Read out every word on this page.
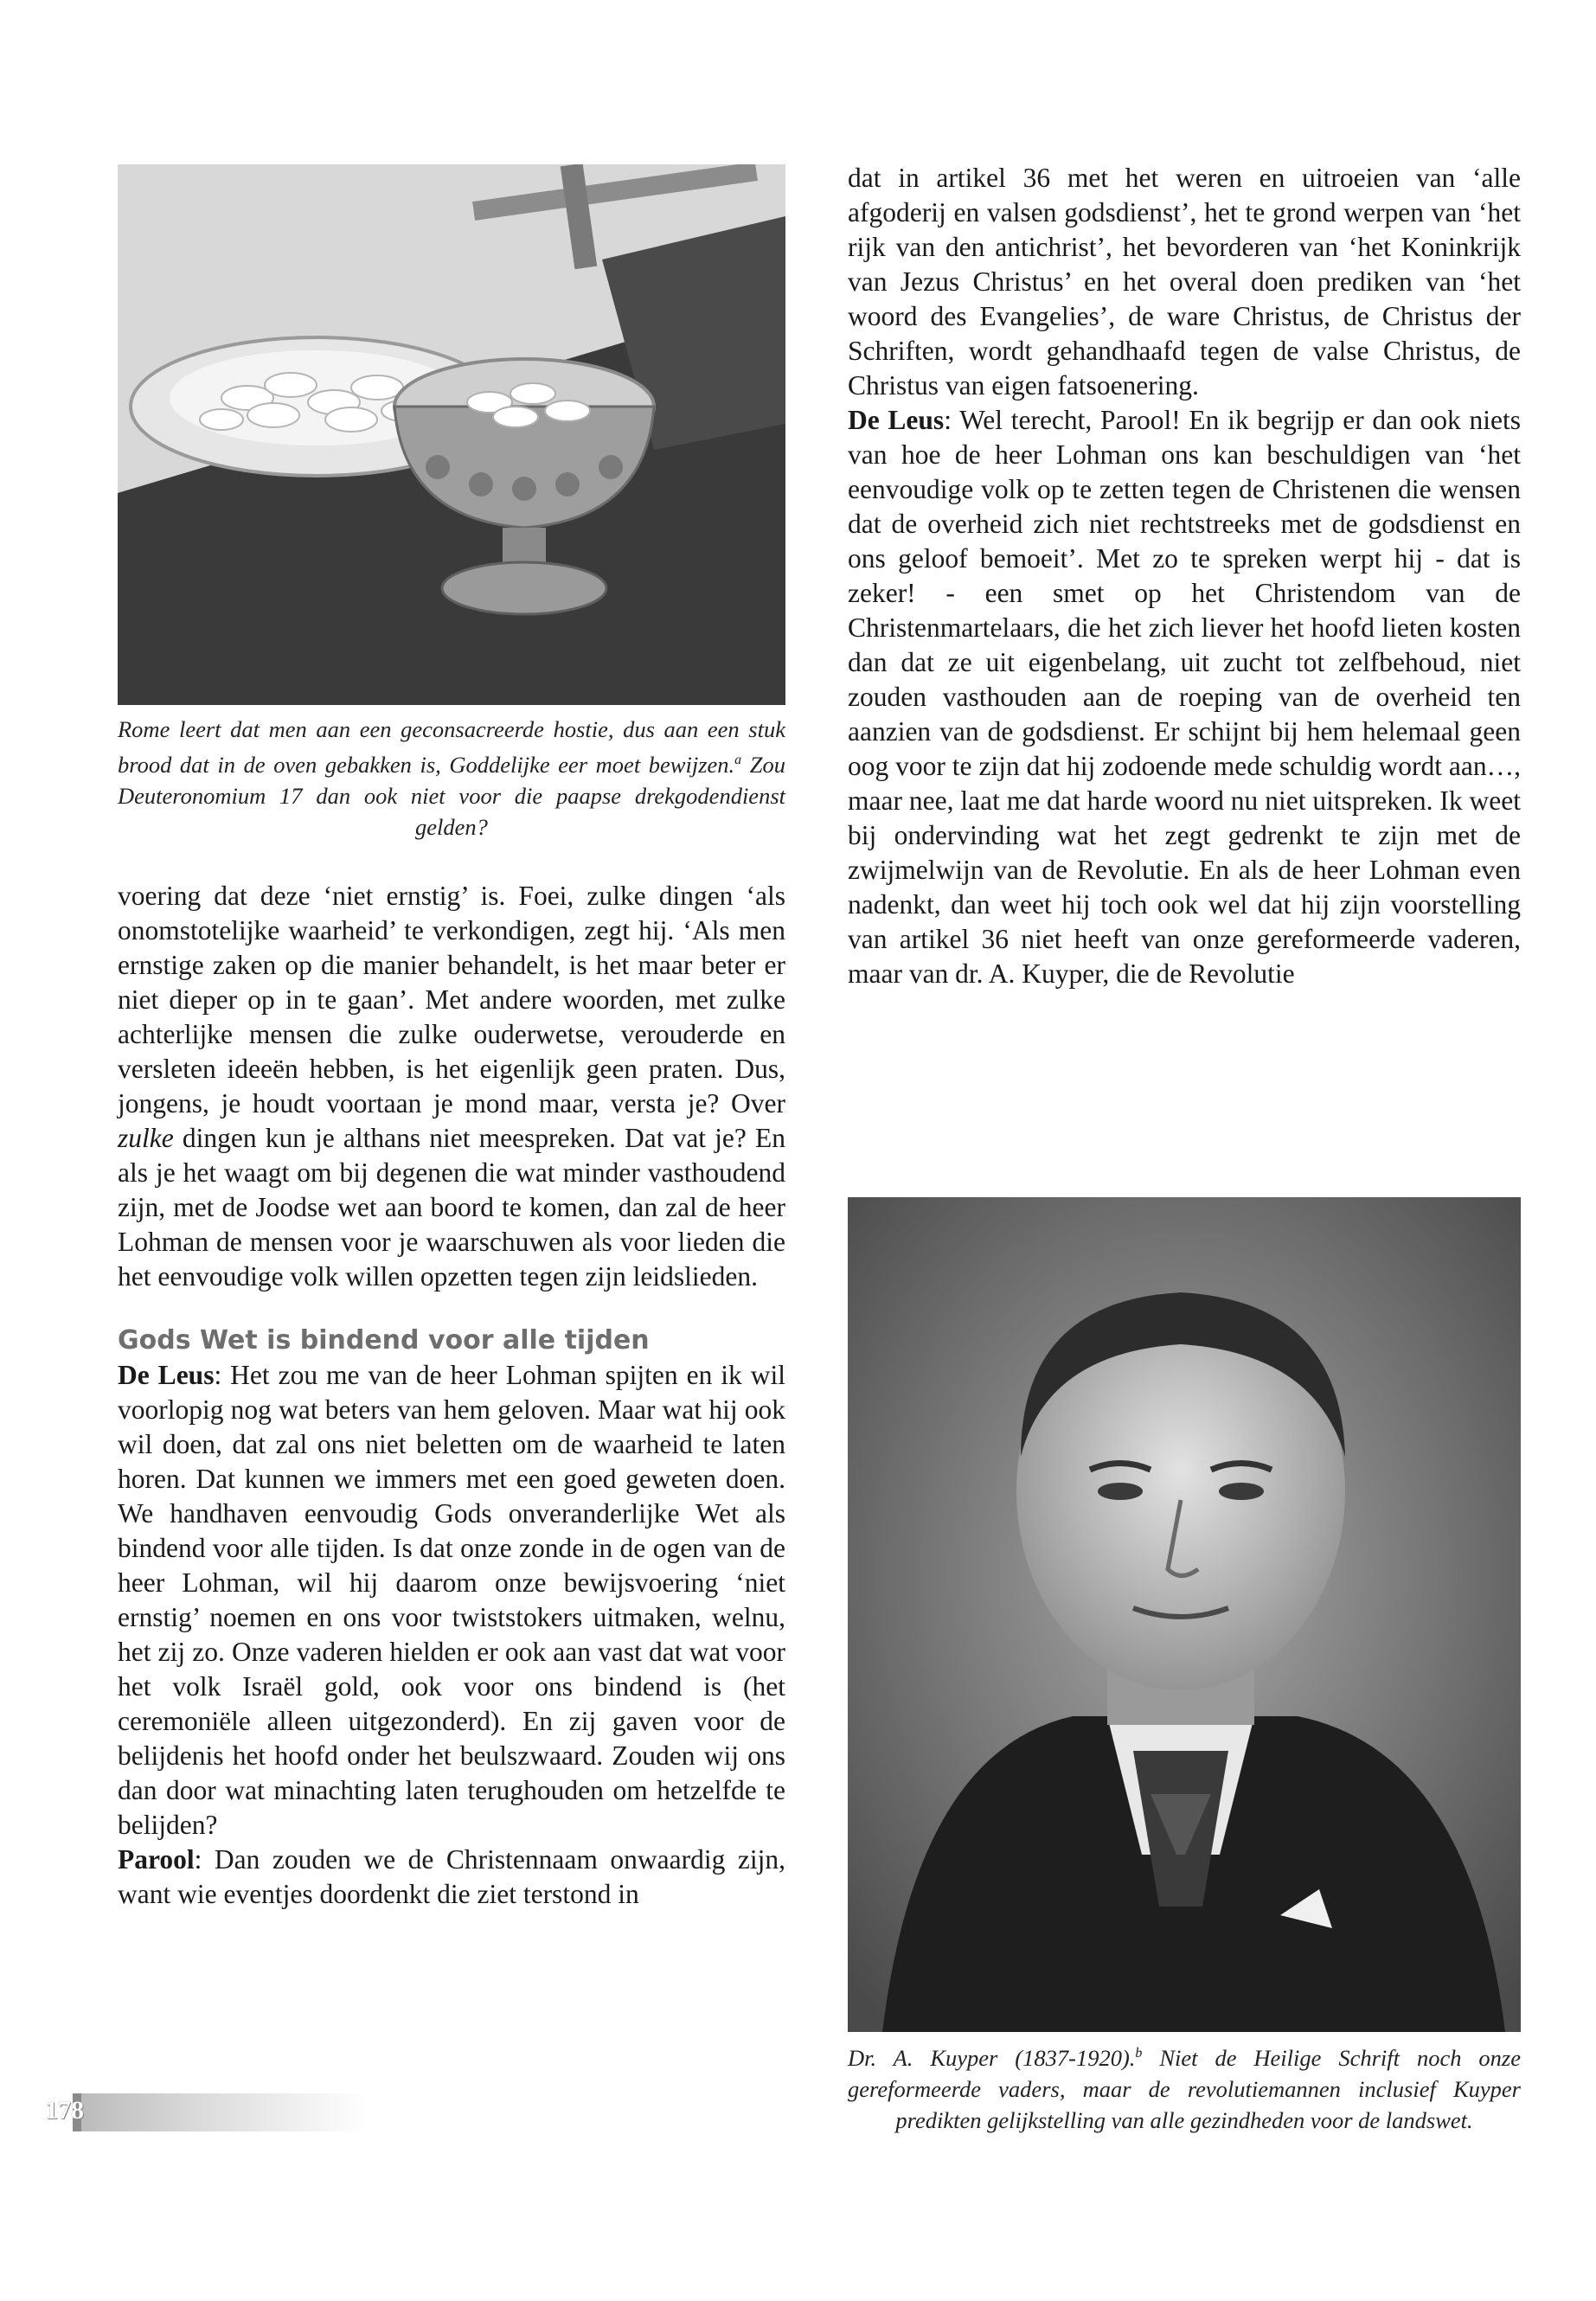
Rome leert dat men aan een geconsacreerde hostie, dus aan een stuk brood dat in de oven gebakken is, Goddelijke eer moet bewijzen.$^a$ Zou Deuteronomium 17 dan ook niet voor die paapse drekgodendienst gelden?

voering dat deze ‘niet ernstig’ is. Foei, zulke dingen ‘als onomstotelijke waarheid’ te verkondigen, zegt hij. ‘Als men ernstige zaken op die manier behandelt, is het maar beter er niet dieper op in te gaan’. Met andere woorden, met zulke achterlijke mensen die zulke ouderwetse, verouderde en versleten ideeën hebben, is het eigenlijk geen praten. Dus, jongens, je houdt voortaan je mond maar, versta je? Over zulke dingen kun je althans niet meespreken. Dat vat je? En als je het waagt om bij degenen die wat minder vasthoudend zijn, met de Joodse wet aan boord te komen, dan zal de heer Lohman de mensen voor je waarschuwen als voor lieden die het eenvoudige volk willen opzetten tegen zijn leidslieden.

Gods Wet is bindend voor alle tijden

De Leus: Het zou me van de heer Lohman spijten en ik wil voorlopig nog wat beters van hem geloven. Maar wat hij ook wil doen, dat zal ons niet beletten om de waarheid te laten horen. Dat kunnen we immers met een goed geweten doen. We handhaven eenvoudig Gods onveranderlijke Wet als bindend voor alle tijden. Is dat onze zonde in de ogen van de heer Lohman, wil hij daarom onze bewijsvoering ‘niet ernstig’ noemen en ons voor twiststokers uitmaken, welnu, het zij zo. Onze vaderen hielden er ook aan vast dat wat voor het volk Israël gold, ook voor ons bindend is (het ceremoniële alleen uitgezonderd). En zij gaven voor de belijdenis het hoofd onder het beulszwaard. Zouden wij ons dan door wat minachting laten terughouden om hetzelfde te belijden?

Parool: Dan zouden we de Christennaam onwaardig zijn, want wie eventjes doordenkt die ziet terstond in

dat in artikel 36 met het weren en uitroeien van ‘alle afgoderij en valsen godsdienst’, het te grond werpen van ‘het rijk van den antichrist’, het bevorderen van ‘het Koninkrijk van Jezus Christus’ en het overal doen prediken van ‘het woord des Evangelies’, de ware Christus, de Christus der Schriften, wordt gehandhaafd tegen de valse Christus, de Christus van eigen fatsoenering.

De Leus: Wel terecht, Parool! En ik begrijp er dan ook niets van hoe de heer Lohman ons kan beschuldigen van ‘het eenvoudige volk op te zetten tegen de Christenen die wensen dat de overheid zich niet rechtstreeks met de godsdienst en ons geloof bemoeit’. Met zo te spreken werpt hij - dat is zeker! - een smet op het Christendom van de Christenmartelaars, die het zich liever het hoofd lieten kosten dan dat ze uit eigenbelang, uit zucht tot zelfbehoud, niet zouden vasthouden aan de roeping van de overheid ten aanzien van de godsdienst. Er schijnt bij hem helemaal geen oog voor te zijn dat hij zodoende mede schuldig wordt aan…, maar nee, laat me dat harde woord nu niet uitspreken. Ik weet bij ondervinding wat het zegt gedrenkt te zijn met de zwijmelwijn van de Revolutie. En als de heer Lohman even nadenkt, dan weet hij toch ook wel dat hij zijn voorstelling van artikel 36 niet heeft van onze gereformeerde vaderen, maar van dr. A. Kuyper, die de Revolutie

Dr. A. Kuyper (1837-1920).$^b$ Niet de Heilige Schrift noch onze gereformeerde vaders, maar de revolutiemannen inclusief Kuyper predikten gelijkstelling van alle gezindheden voor de landswet.

178
